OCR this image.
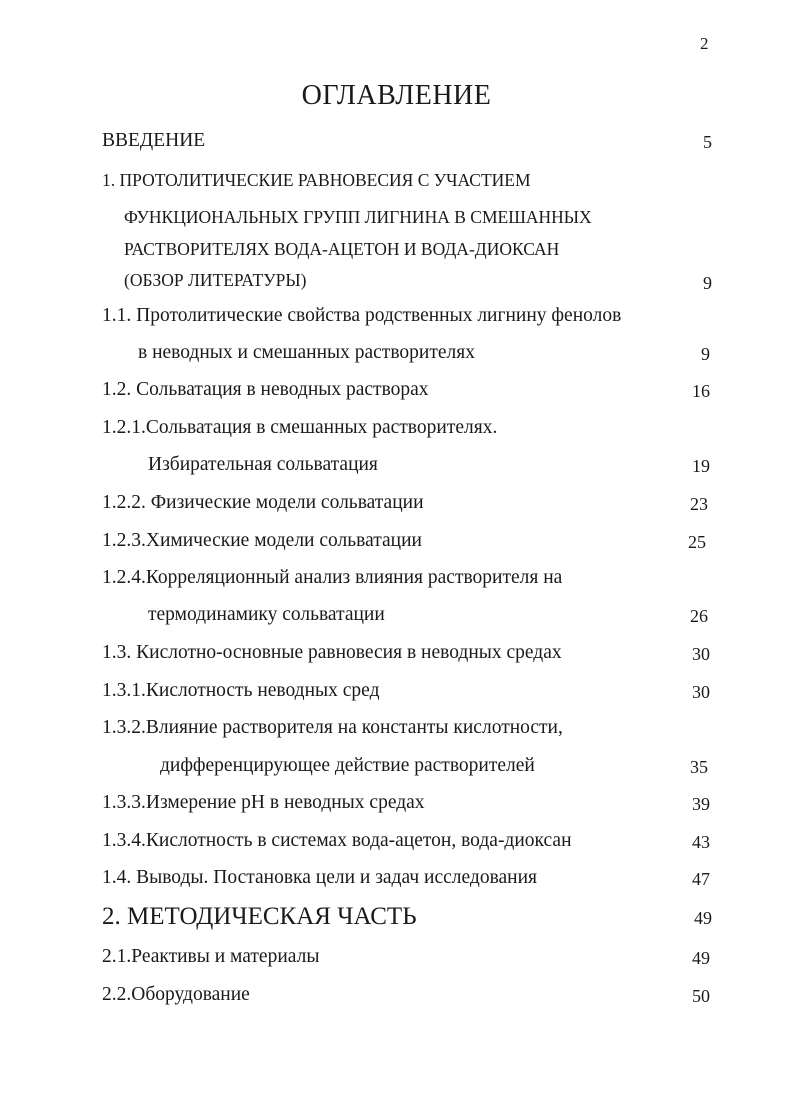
2
ОГЛАВЛЕНИЕ
ВВЕДЕНИЕ	5
1. ПРОТОЛИТИЧЕСКИЕ РАВНОВЕСИЯ С УЧАСТИЕМ
ФУНКЦИОНАЛЬНЫХ ГРУПП ЛИГНИНА В СМЕШАННЫХ
РАСТВОРИТЕЛЯХ ВОДА-АЦЕТОН И ВОДА-ДИОКСАН
(ОБЗОР ЛИТЕРАТУРЫ)	9
1.1. Протолитические свойства родственных лигнину фенолов
в неводных и смешанных растворителях	9
1.2. Сольватация в неводных растворах	16
1.2.1.Сольватация в смешанных растворителях.
Избирательная сольватация	19
1.2.2. Физические модели сольватации	23
1.2.3.Химические модели сольватации	25
1.2.4.Корреляционный анализ влияния растворителя на
термодинамику сольватации	26
1.3. Кислотно-основные равновесия в неводных средах	30
1.3.1.Кислотность неводных сред	30
1.3.2.Влияние растворителя на константы кислотности,
дифференцирующее действие растворителей	35
1.3.3.Измерение рН в неводных средах	39
1.3.4.Кислотность в системах вода-ацетон, вода-диоксан	43
1.4. Выводы. Постановка цели и задач исследования	47
2. МЕТОДИЧЕСКАЯ ЧАСТЬ	49
2.1.Реактивы и материалы	49
2.2.Оборудование	50
